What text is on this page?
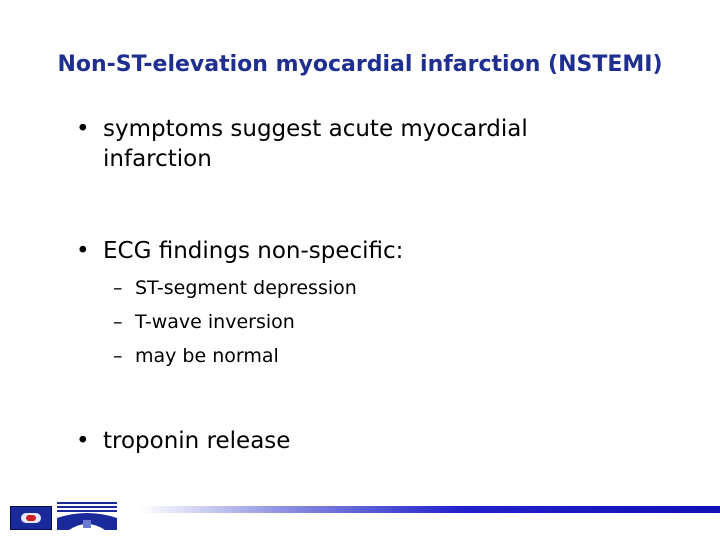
Non-ST-elevation myocardial infarction (NSTEMI)
• symptoms suggest acute myocardial infarction
• ECG findings non-specific:
– ST-segment depression
– T-wave inversion
– may be normal
• troponin release
